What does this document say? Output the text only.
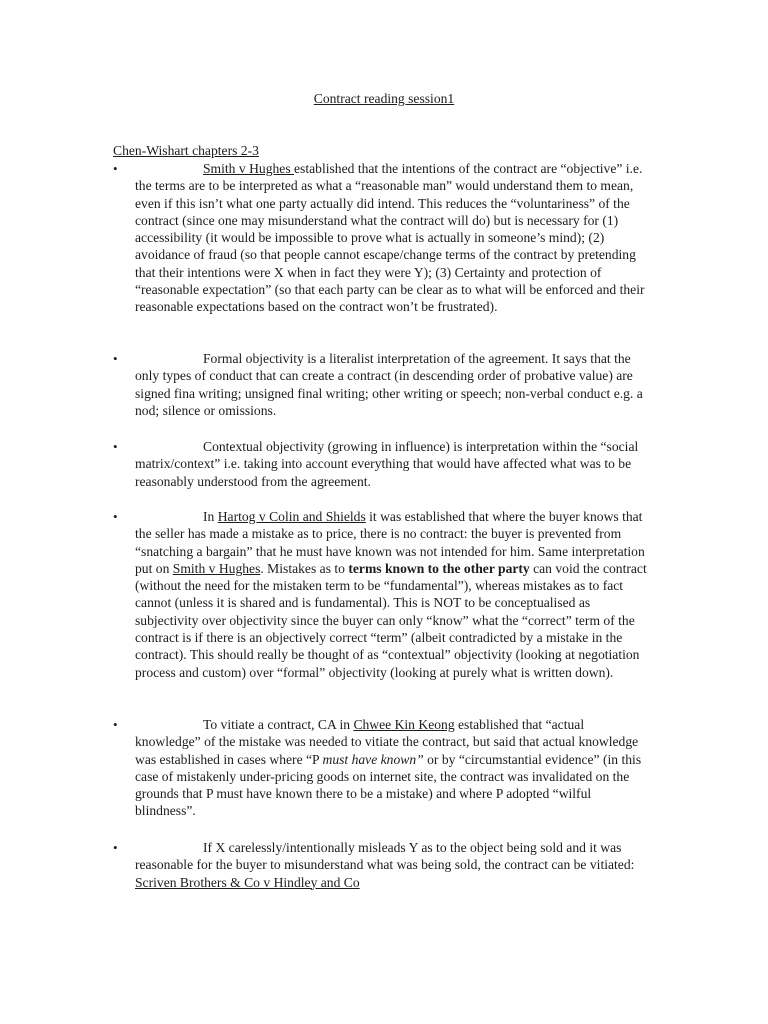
Contract reading session1
Chen-Wishart chapters 2-3
•	Smith v Hughes established that the intentions of the contract are “objective” i.e. the terms are to be interpreted as what a “reasonable man” would understand them to mean, even if this isn’t what one party actually did intend. This reduces the “voluntariness” of the contract (since one may misunderstand what the contract will do) but is necessary for (1) accessibility (it would be impossible to prove what is actually in someone’s mind); (2) avoidance of fraud (so that people cannot escape/change terms of the contract by pretending that their intentions were X when in fact they were Y); (3) Certainty and protection of “reasonable expectation” (so that each party can be clear as to what will be enforced and their reasonable expectations based on the contract won’t be frustrated).
•	Formal objectivity is a literalist interpretation of the agreement. It says that the only types of conduct that can create a contract (in descending order of probative value) are signed fina writing; unsigned final writing; other writing or speech; non-verbal conduct e.g. a nod; silence or omissions.
•	Contextual objectivity (growing in influence) is interpretation within the “social matrix/context” i.e. taking into account everything that would have affected what was to be reasonably understood from the agreement.
•	In Hartog v Colin and Shields it was established that where the buyer knows that the seller has made a mistake as to price, there is no contract: the buyer is prevented from “snatching a bargain” that he must have known was not intended for him. Same interpretation put on Smith v Hughes. Mistakes as to terms known to the other party can void the contract (without the need for the mistaken term to be “fundamental”), whereas mistakes as to fact cannot (unless it is shared and is fundamental). This is NOT to be conceptualised as subjectivity over objectivity since the buyer can only “know” what the “correct” term of the contract is if there is an objectively correct “term” (albeit contradicted by a mistake in the contract). This should really be thought of as “contextual” objectivity (looking at negotiation process and custom) over “formal” objectivity (looking at purely what is written down).
•	To vitiate a contract, CA in Chwee Kin Keong established that “actual knowledge” of the mistake was needed to vitiate the contract, but said that actual knowledge was established in cases where “P must have known” or by “circumstantial evidence” (in this case of mistakenly under-pricing goods on internet site, the contract was invalidated on the grounds that P must have known there to be a mistake) and where P adopted “wilful blindness”.
•	If X carelessly/intentionally misleads Y as to the object being sold and it was reasonable for the buyer to misunderstand what was being sold, the contract can be vitiated: Scriven Brothers & Co v Hindley and Co
